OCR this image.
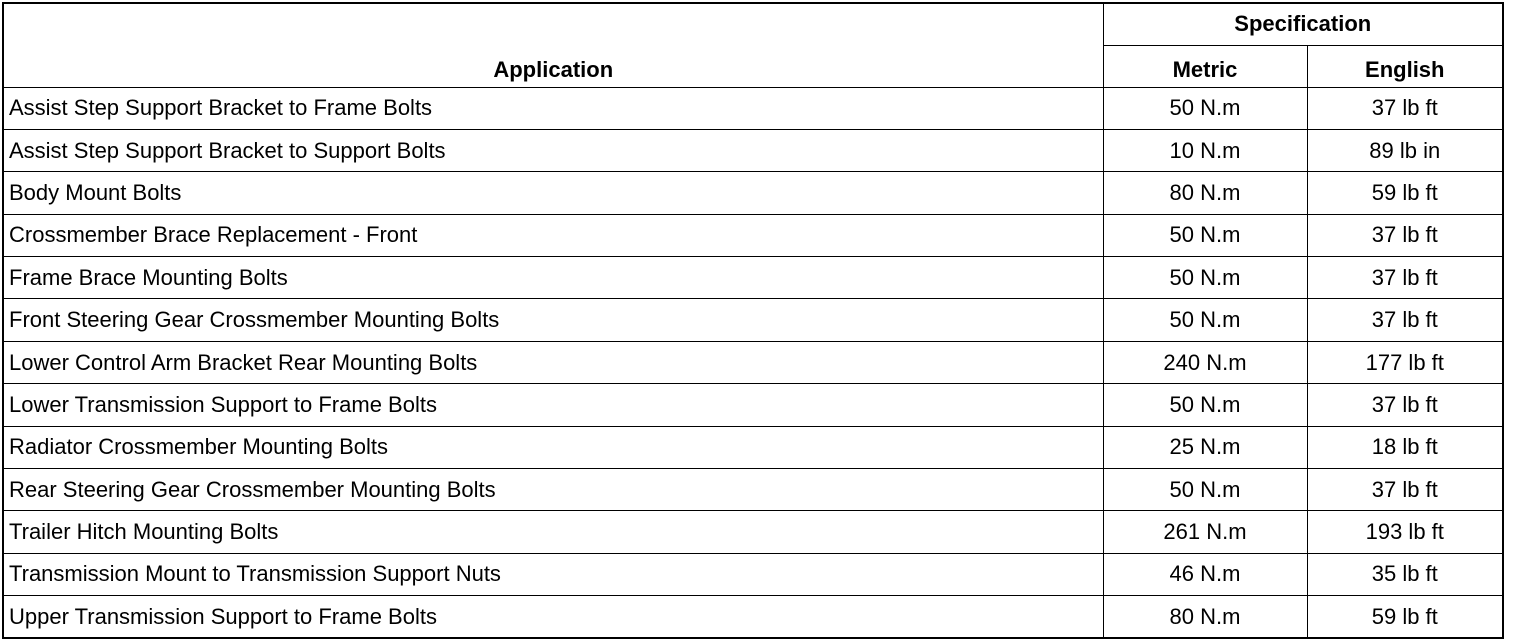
Application	Specification	
	Metric	English
Assist Step Support Bracket to Frame Bolts	50 N.m	37 lb ft
Assist Step Support Bracket to Support Bolts	10 N.m	89 lb in
Body Mount Bolts	80 N.m	59 lb ft
Crossmember Brace Replacement - Front	50 N.m	37 lb ft
Frame Brace Mounting Bolts	50 N.m	37 lb ft
Front Steering Gear Crossmember Mounting Bolts	50 N.m	37 lb ft
Lower Control Arm Bracket Rear Mounting Bolts	240 N.m	177 lb ft
Lower Transmission Support to Frame Bolts	50 N.m	37 lb ft
Radiator Crossmember Mounting Bolts	25 N.m	18 lb ft
Rear Steering Gear Crossmember Mounting Bolts	50 N.m	37 lb ft
Trailer Hitch Mounting Bolts	261 N.m	193 lb ft
Transmission Mount to Transmission Support Nuts	46 N.m	35 lb ft
Upper Transmission Support to Frame Bolts	80 N.m	59 lb ft
